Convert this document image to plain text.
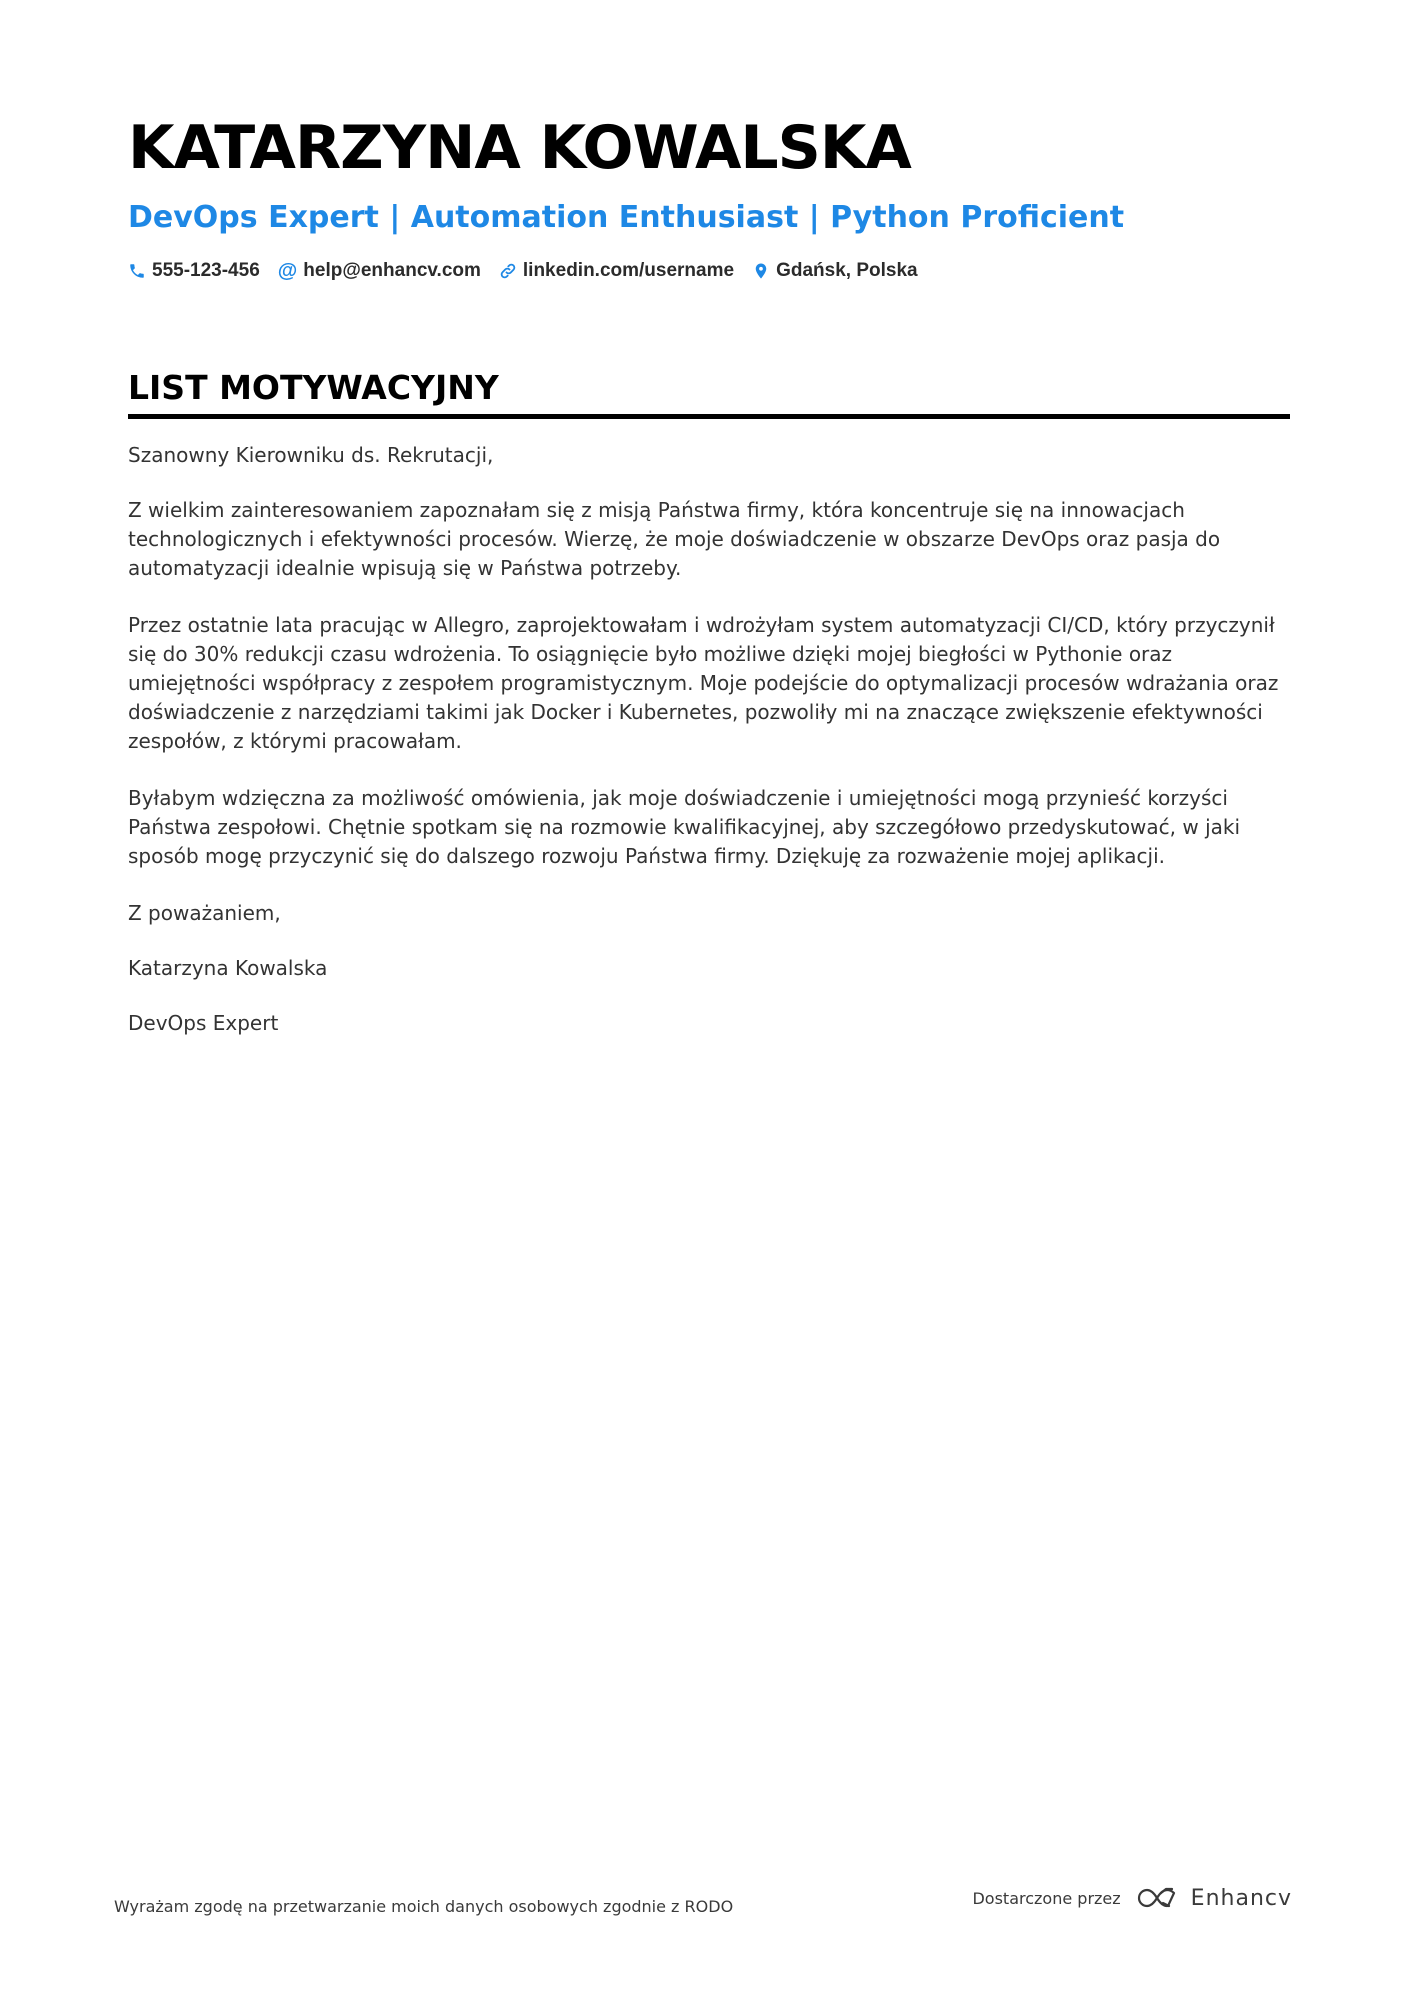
KATARZYNA KOWALSKA
DevOps Expert | Automation Enthusiast | Python Proficient
555-123-456 @ help@enhancv.com linkedin.com/username Gdańsk, Polska
LIST MOTYWACYJNY

Szanowny Kierowniku ds. Rekrutacji,

Z wielkim zainteresowaniem zapoznałam się z misją Państwa firmy, która koncentruje się na innowacjach technologicznych i efektywności procesów. Wierzę, że moje doświadczenie w obszarze DevOps oraz pasja do automatyzacji idealnie wpisują się w Państwa potrzeby.

Przez ostatnie lata pracując w Allegro, zaprojektowałam i wdrożyłam system automatyzacji CI/CD, który przyczynił się do 30% redukcji czasu wdrożenia. To osiągnięcie było możliwe dzięki mojej biegłości w Pythonie oraz umiejętności współpracy z zespołem programistycznym. Moje podejście do optymalizacji procesów wdrażania oraz doświadczenie z narzędziami takimi jak Docker i Kubernetes, pozwoliły mi na znaczące zwiększenie efektywności zespołów, z którymi pracowałam.

Byłabym wdzięczna za możliwość omówienia, jak moje doświadczenie i umiejętności mogą przynieść korzyści Państwa zespołowi. Chętnie spotkam się na rozmowie kwalifikacyjnej, aby szczegółowo przedyskutować, w jaki sposób mogę przyczynić się do dalszego rozwoju Państwa firmy. Dziękuję za rozważenie mojej aplikacji.

Z poważaniem,

Katarzyna Kowalska

DevOps Expert

Wyrażam zgodę na przetwarzanie moich danych osobowych zgodnie z RODO	Dostarczone przez	Enhancv
